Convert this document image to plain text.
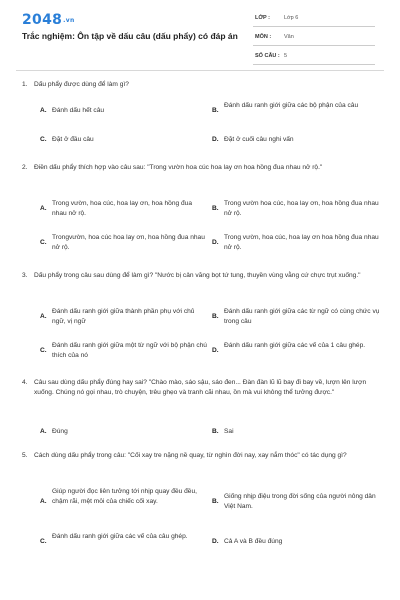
2048.vn
Trắc nghiệm: Ôn tập về dấu câu (dấu phẩy) có đáp án
LỚP :	Lớp 6
MÔN : Văn
SỐ CÂU : 5
1. Dấu phẩy được dùng để làm gì?
A. Đánh dấu hết câu	B.
Đánh dấu ranh giới giữa các bộ phận của câu
C. Đặt ở đầu câu	D. Đặt ở cuối câu nghi vấn
2. Điền dấu phẩy thích hợp vào câu sau: "Trong vườn hoa cúc hoa lay ơn hoa hồng đua nhau nở rộ."
A.
Trong vườn, hoa cúc, hoa lay ơn, hoa hồng đua nhau nở rộ.
B.
Trong vườn hoa cúc, hoa lay ơn, hoa hồng đua nhau nở rộ.
C.
Trongvườn, hoa cúc hoa lay ơn, hoa hồng đua nhau nở rộ.
D.
Trong vườn, hoa cúc, hoa lay ơn hoa hồng đua nhau nở rộ.
3. Dấu phẩy trong câu sau dùng để làm gì? "Nước bị cản văng bọt tứ tung, thuyền vùng vằng cứ chực trụt xuống."
A.
Đánh dấu ranh giới giữa thành phần phụ với chủ ngữ, vị ngữ
B.
Đánh dấu ranh giới giữa các từ ngữ có cùng chức vụ trong câu
C.
Đánh dấu ranh giới giữa một từ ngữ với bộ phận chú thích của nó
D.
Đánh dấu ranh giới giữa các vế của 1 câu ghép.
4. Câu sau dùng dấu phẩy đúng hay sai? "Chào mào, sáo sậu, sáo đen... Đàn đàn lũ lũ bay đi bay về, lượn lên lượn xuống. Chúng nó gọi nhau, trò chuyện, trêu ghẹo và tranh cãi nhau, ồn mà vui không thể tưởng được."
A. Đúng	B. Sai
5. Cách dùng dấu phẩy trong câu: "Cối xay tre nặng nề quay, từ nghìn đời nay, xay nắm thóc" có tác dụng gì?
A.
Giúp người đọc liên tưởng tới nhịp quay đều đều, chậm rãi, mệt mỏi của chiếc cối xay.	B.
Giống nhịp điệu trong đời sống của người nông dân Việt Nam.
C.
Đánh dấu ranh giới giữa các vế của câu ghép.
D. Cả A và B đều đúng
